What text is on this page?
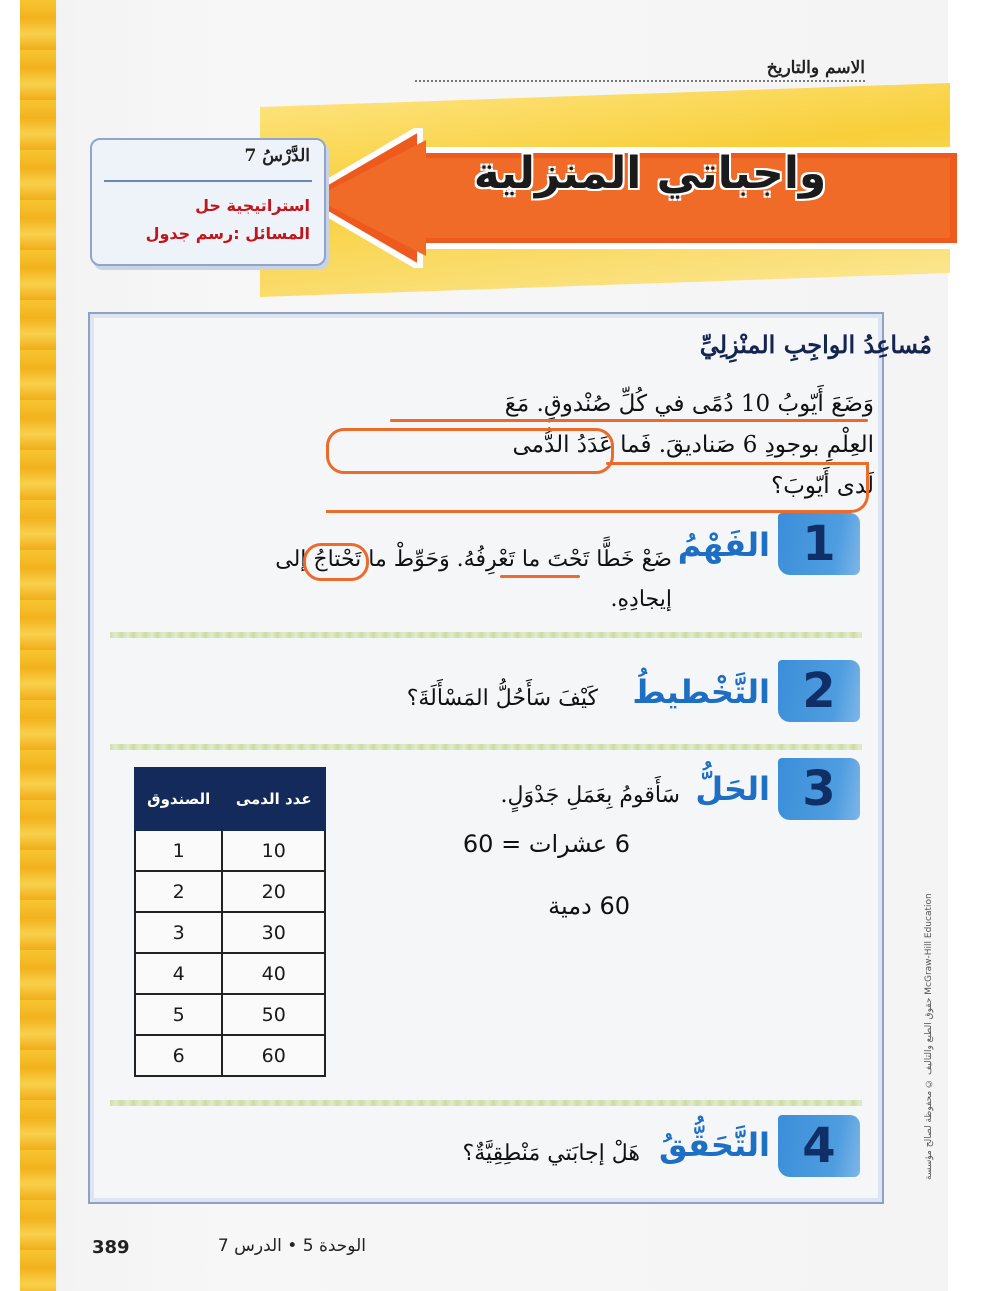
حقوق الطبع والتأليف © محفوظة لصالح مؤسسة McGraw-Hill Education
الاسم والتاريخ
واجباتي المنزلية
الدَّرْسُ 7
استراتيجية حل
المسائل :رسم جدول
مُساعِدُ الواجِبِ المنْزِلِيِّ
وَضَعَ أَيّوبُ 10 دُمًى في كُلِّ صُنْدوقٍ. مَعَ
العِلْمِ بوجودِ 6 صَناديقَ. فَما عَدَدُ الدُّمى
لَدى أَيّوبَ؟
1
الفَهْمُ
ضَعْ خَطًّا تَحْتَ ما تَعْرِفُهُ. وَحَوِّطْ ما تَحْتاجُ إلى
إيجادِهِ.
2
التَّخْطيطُ
كَيْفَ سَأَحُلُّ المَسْأَلَةَ؟
3
الحَلُّ
سَأَقومُ بِعَمَلِ جَدْوَلٍ.
6 عشرات = 60
60 دمية
الصندوق	عدد الدمى
1	10
2	20
3	30
4	40
5	50
6	60
4
التَّحَقُّقُ
هَلْ إجابَتي مَنْطِقِيَّةٌ؟
389	الوحدة 5 • الدرس 7
